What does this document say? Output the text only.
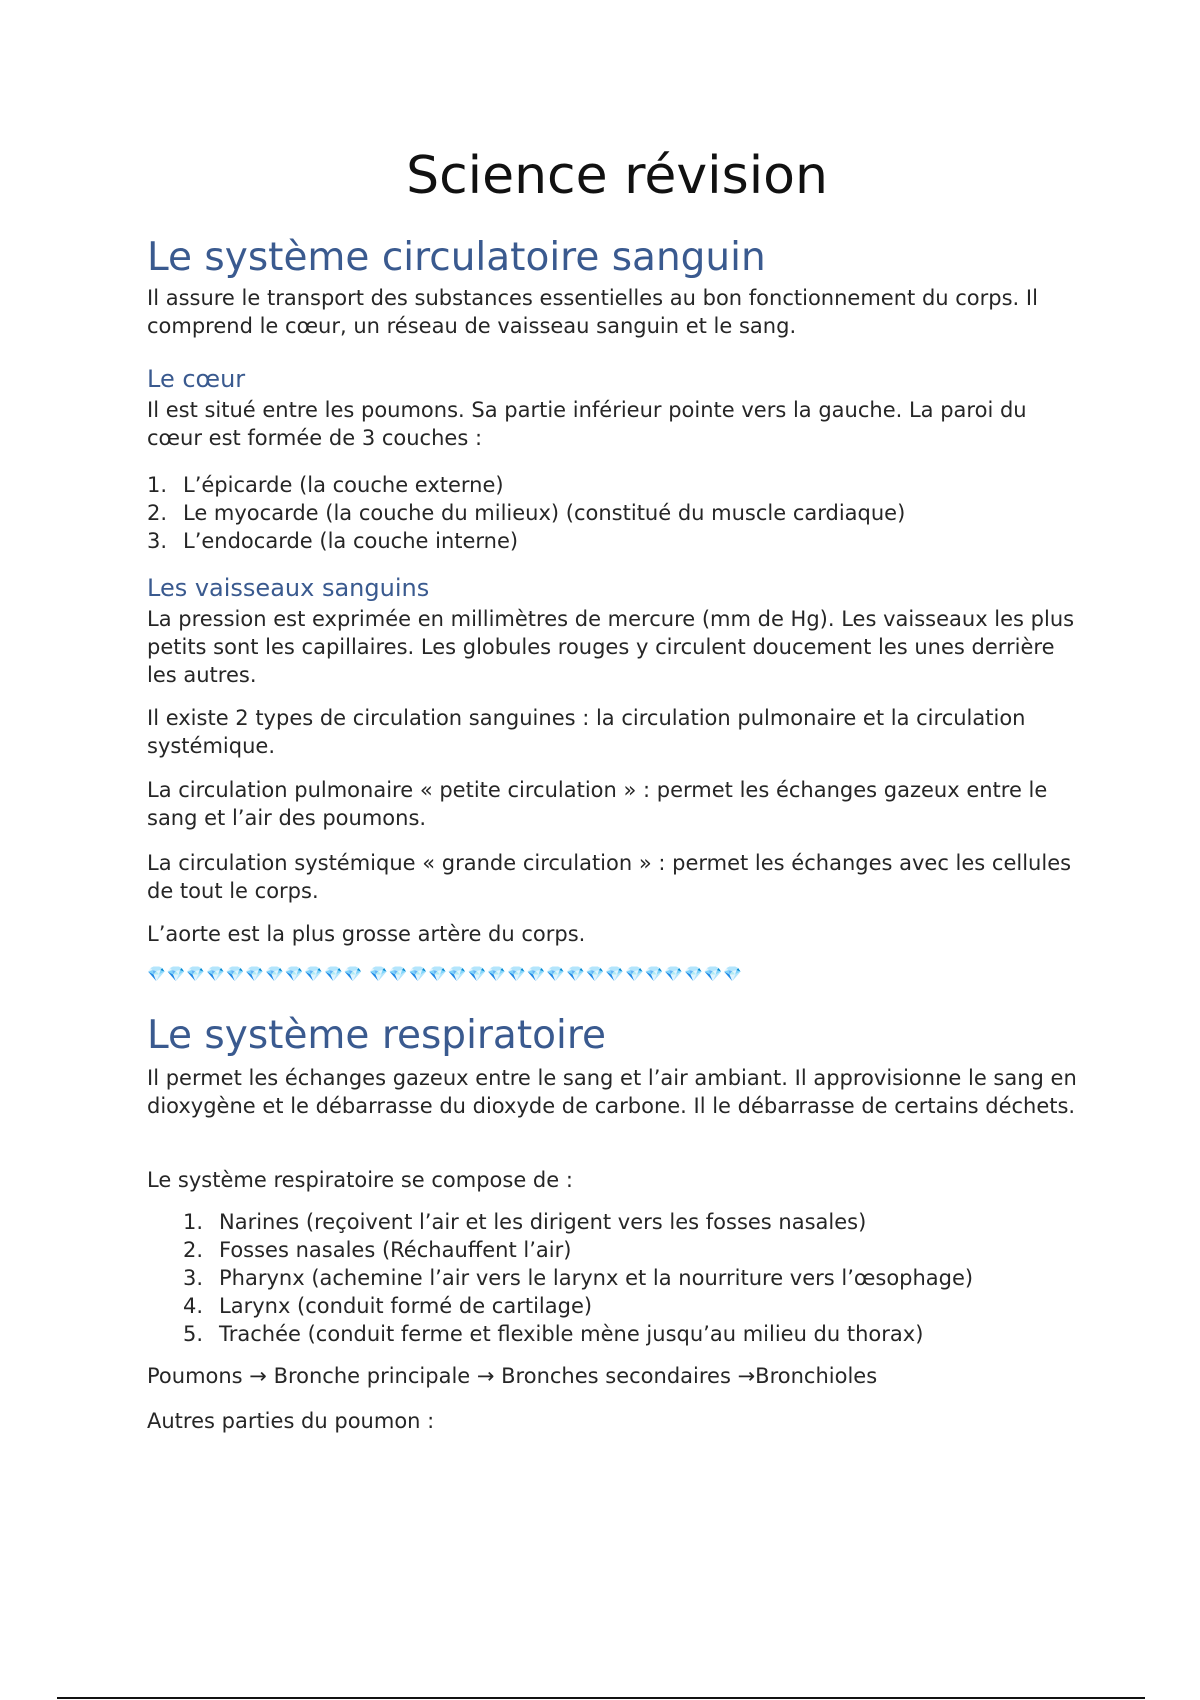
Science révision
Le système circulatoire sanguin

Il assure le transport des substances essentielles au bon fonctionnement du corps. Il comprend le cœur, un réseau de vaisseau sanguin et le sang.

Le cœur

Il est situé entre les poumons. Sa partie inférieur pointe vers la gauche. La paroi du cœur est formée de 3 couches :

1. L’épicarde (la couche externe)
2. Le myocarde (la couche du milieux) (constitué du muscle cardiaque)
3. L’endocarde (la couche interne)
Les vaisseaux sanguins

La pression est exprimée en millimètres de mercure (mm de Hg). Les vaisseaux les plus petits sont les capillaires. Les globules rouges y circulent doucement les unes derrière les autres.

Il existe 2 types de circulation sanguines : la circulation pulmonaire et la circulation systémique.

La circulation pulmonaire « petite circulation » : permet les échanges gazeux entre le sang et l’air des poumons.

La circulation systémique « grande circulation » : permet les échanges avec les cellules de tout le corps.

L’aorte est la plus grosse artère du corps.

💎💎💎💎💎💎💎💎💎💎💎 💎💎💎💎💎💎💎💎💎💎💎💎💎💎💎💎💎💎💎
Le système respiratoire

Il permet les échanges gazeux entre le sang et l’air ambiant. Il approvisionne le sang en dioxygène et le débarrasse du dioxyde de carbone. Il le débarrasse de certains déchets.

Le système respiratoire se compose de :

1. Narines (reçoivent l’air et les dirigent vers les fosses nasales)
2. Fosses nasales (Réchauffent l’air)
3. Pharynx (achemine l’air vers le larynx et la nourriture vers l’œsophage)
4. Larynx (conduit formé de cartilage)
5. Trachée (conduit ferme et flexible mène jusqu’au milieu du thorax)

Poumons → Bronche principale → Bronches secondaires →Bronchioles

Autres parties du poumon :
